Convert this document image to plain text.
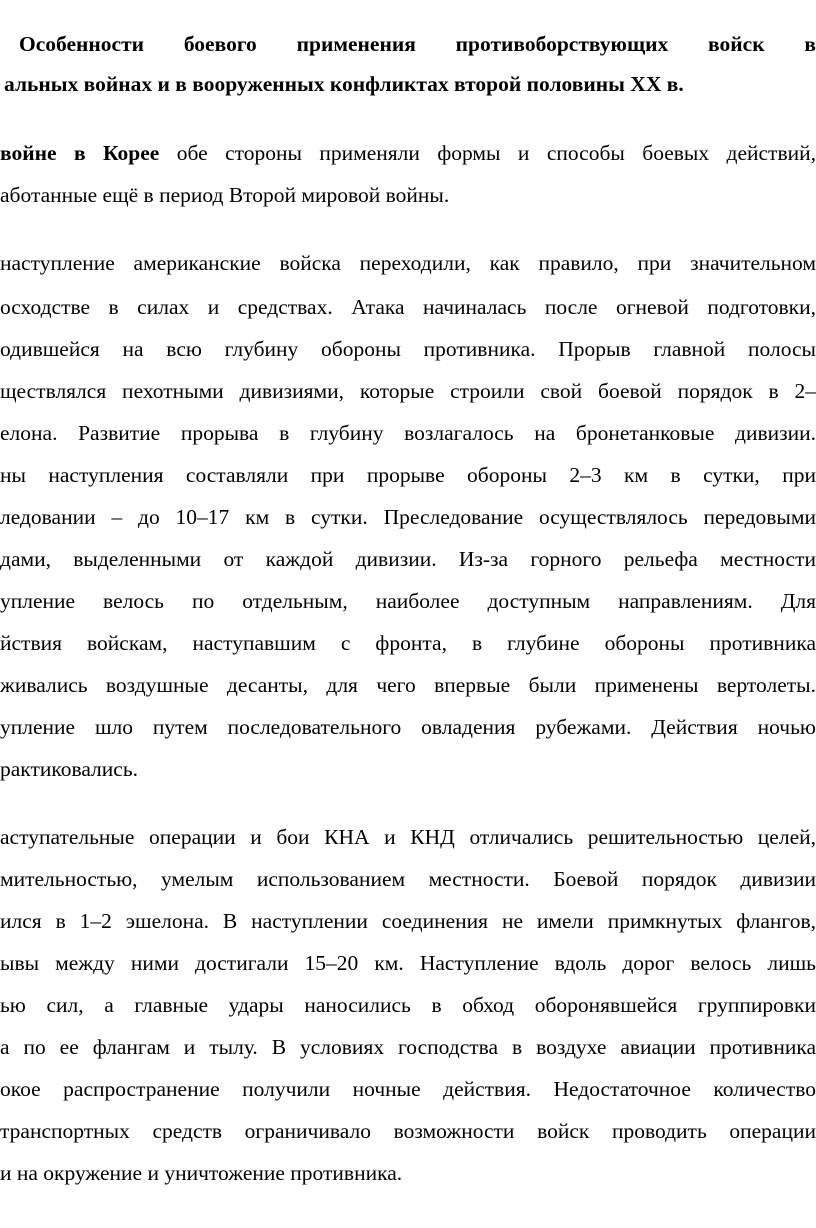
Особенности боевого применения противоборствующих войск в
альных войнах и в вооруженных конфликтах второй половины XX в.
войне в Корее обе стороны применяли формы и способы боевых действий,
аботанные ещё в период Второй мировой войны.
наступление американские войска переходили, как правило, при значительном
осходстве в силах и средствах. Атака начиналась после огневой подготовки,
одившейся на всю глубину обороны противника. Прорыв главной полосы
ществлялся пехотными дивизиями, которые строили свой боевой порядок в 2–
елона. Развитие прорыва в глубину возлагалось на бронетанковые дивизии.
ны наступления составляли при прорыве обороны 2–3 км в сутки, при
ледовании – до 10–17 км в сутки. Преследование осуществлялось передовыми
дами, выделенными от каждой дивизии. Из-за горного рельефа местности
упление велось по отдельным, наиболее доступным направлениям. Для
йствия войскам, наступавшим с фронта, в глубине обороны противника
живались воздушные десанты, для чего впервые были применены вертолеты.
упление шло путем последовательного овладения рубежами. Действия ночью
рактиковались.
аступательные операции и бои КНА и КНД отличались решительностью целей,
мительностью, умелым использованием местности. Боевой порядок дивизии
ился в 1–2 эшелона. В наступлении соединения не имели примкнутых флангов,
ывы между ними достигали 15–20 км. Наступление вдоль дорог велось лишь
ью сил, а главные удары наносились в обход оборонявшейся группировки
а по ее флангам и тылу. В условиях господства в воздухе авиации противника
окое распространение получили ночные действия. Недостаточное количество
транспортных средств ограничивало возможности войск проводить операции
и на окружение и уничтожение противника.
